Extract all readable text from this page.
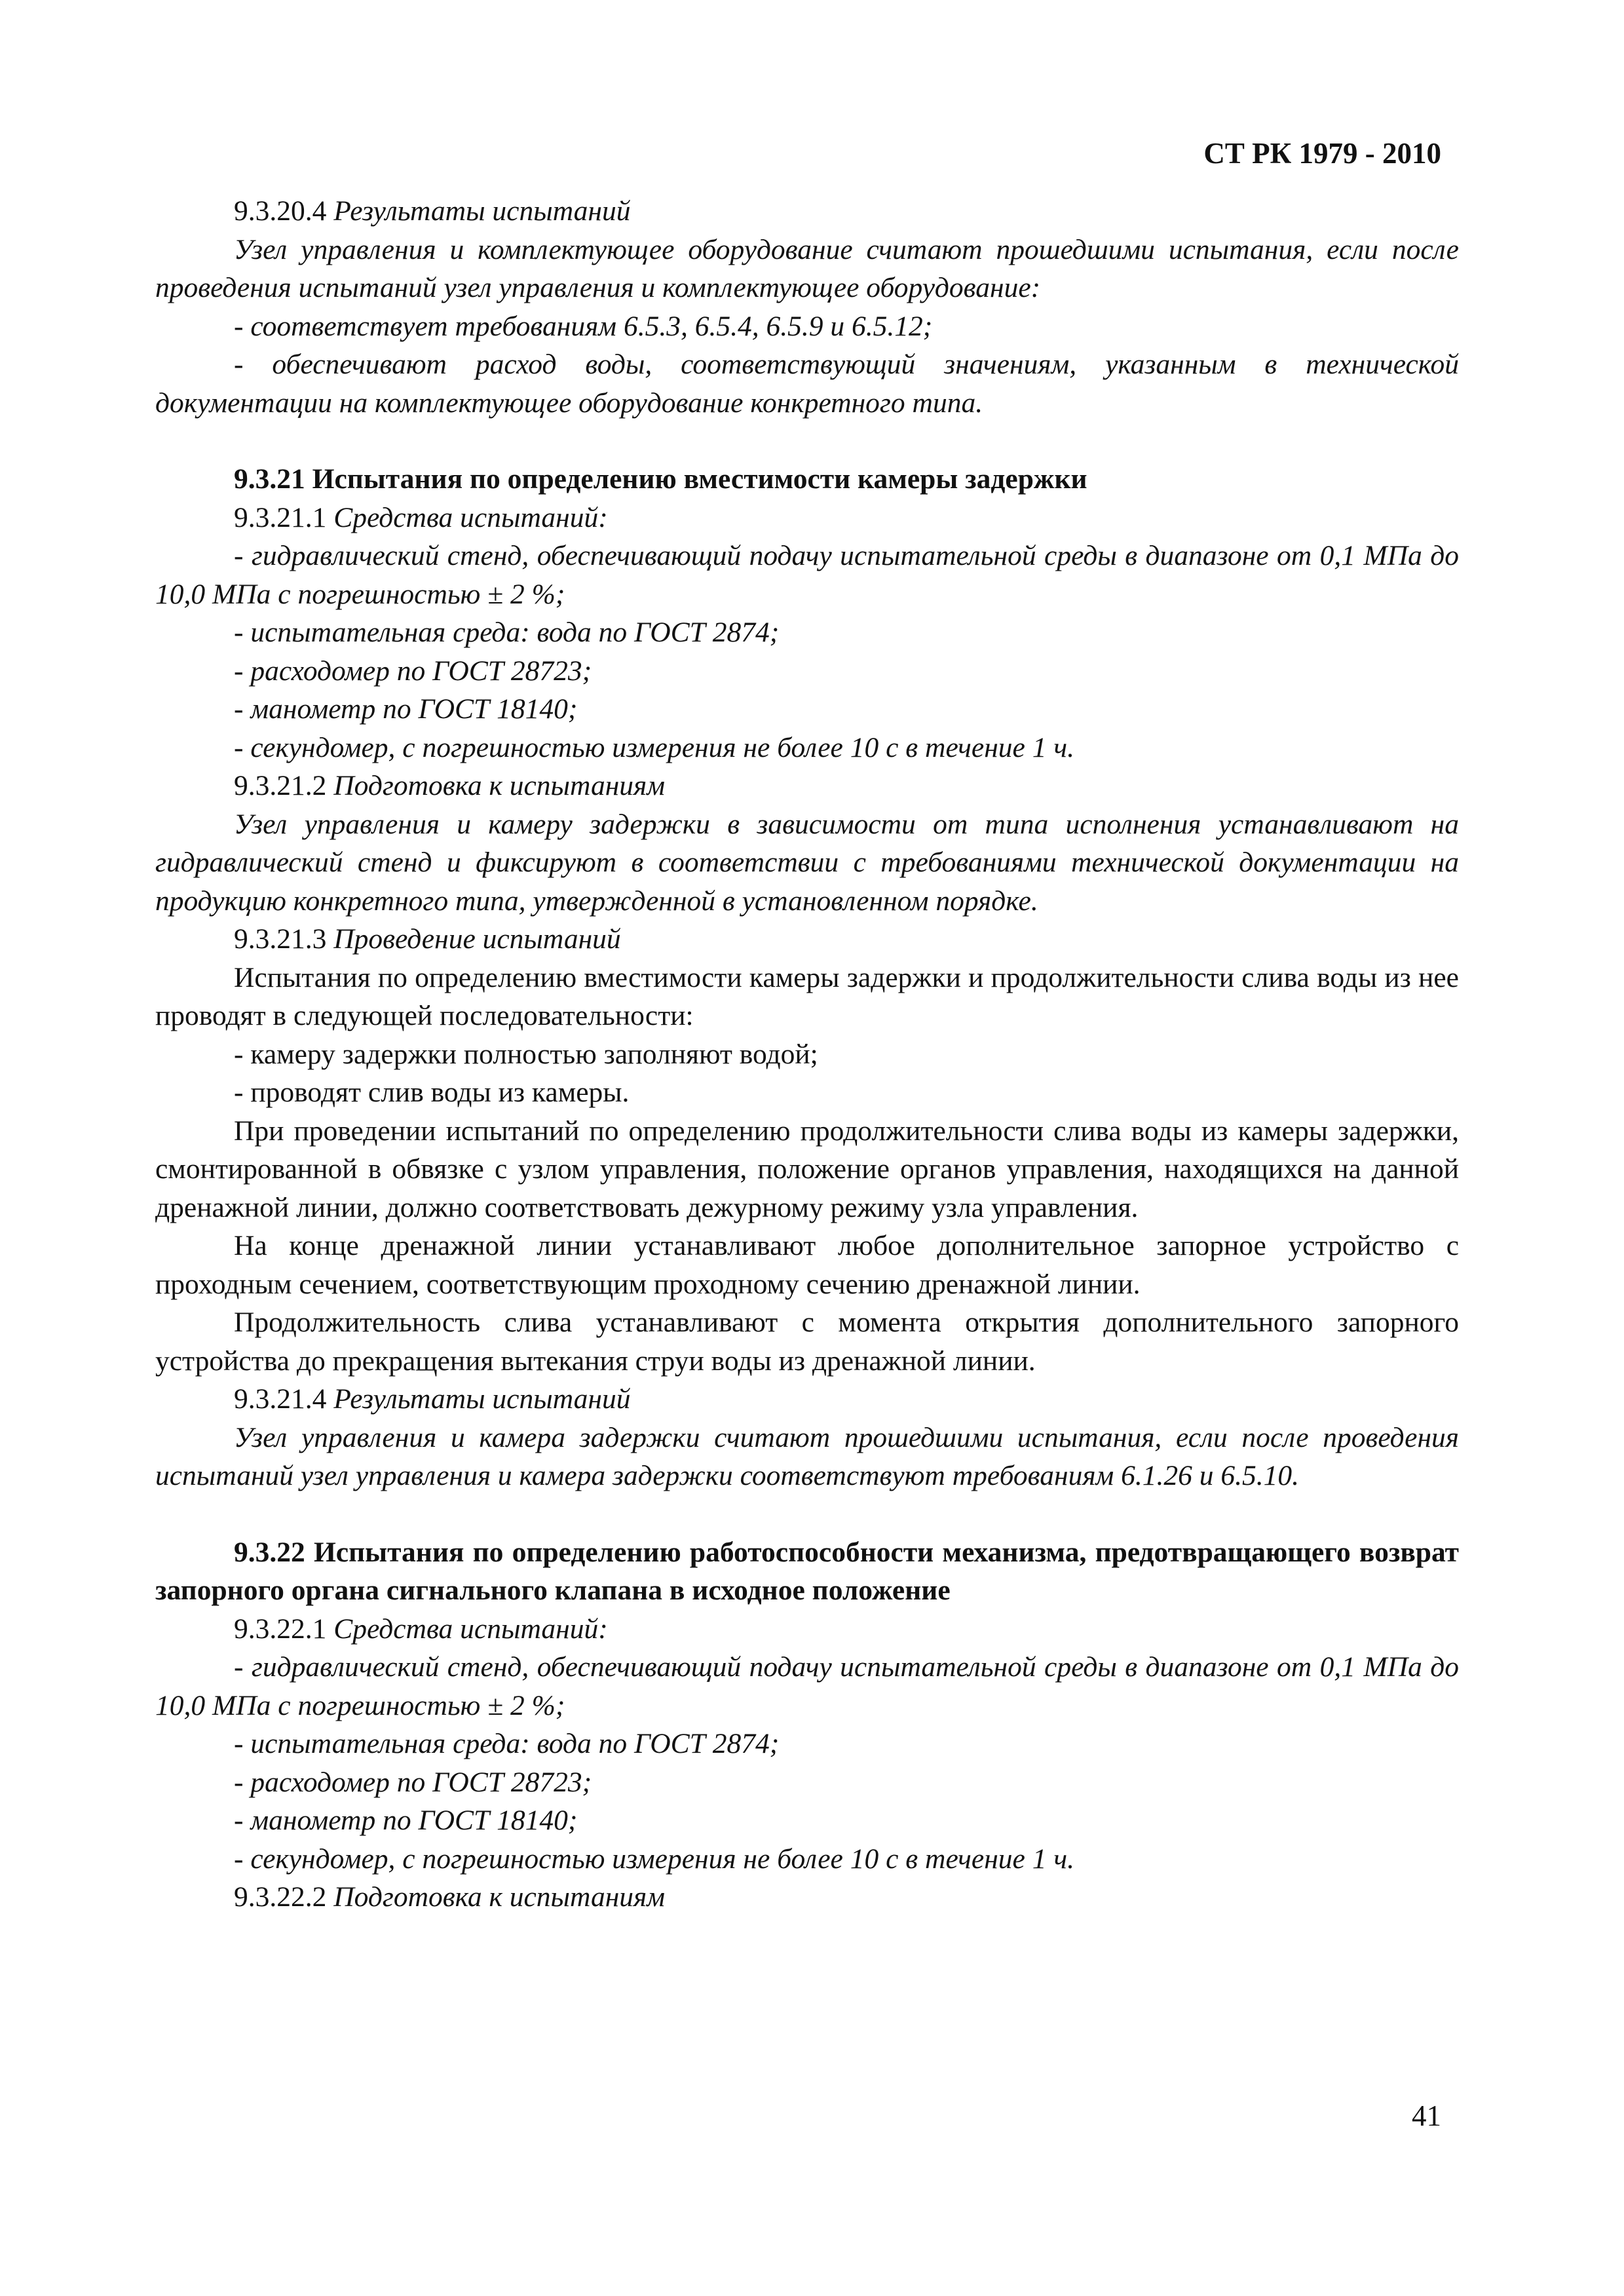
СТ РК 1979 - 2010

9.3.20.4 Результаты испытаний

Узел управления и комплектующее оборудование считают прошедшими испытания, если после проведения испытаний узел управления и комплектующее оборудование:

- соответствует требованиям 6.5.3, 6.5.4, 6.5.9 и 6.5.12;

- обеспечивают расход воды, соответствующий значениям, указанным в технической документации на комплектующее оборудование конкретного типа.

9.3.21 Испытания по определению вместимости камеры задержки

9.3.21.1 Средства испытаний:

- гидравлический стенд, обеспечивающий подачу испытательной среды в диапазоне от 0,1 МПа до 10,0 МПа с погрешностью ± 2 %;

- испытательная среда: вода по ГОСТ 2874;

- расходомер по ГОСТ 28723;

- манометр по ГОСТ 18140;

- секундомер, с погрешностью измерения не более 10 с в течение 1 ч.

9.3.21.2 Подготовка к испытаниям

Узел управления и камеру задержки в зависимости от типа исполнения устанавливают на гидравлический стенд и фиксируют в соответствии с требованиями технической документации на продукцию конкретного типа, утвержденной в установленном порядке.

9.3.21.3 Проведение испытаний

Испытания по определению вместимости камеры задержки и продолжительности слива воды из нее проводят в следующей последовательности:

- камеру задержки полностью заполняют водой;

- проводят слив воды из камеры.

При проведении испытаний по определению продолжительности слива воды из камеры задержки, смонтированной в обвязке с узлом управления, положение органов управления, находящихся на данной дренажной линии, должно соответствовать дежурному режиму узла управления.

На конце дренажной линии устанавливают любое дополнительное запорное устройство с проходным сечением, соответствующим проходному сечению дренажной линии.

Продолжительность слива устанавливают с момента открытия дополнительного запорного устройства до прекращения вытекания струи воды из дренажной линии.

9.3.21.4 Результаты испытаний

Узел управления и камера задержки считают прошедшими испытания, если после проведения испытаний узел управления и камера задержки соответствуют требованиям 6.1.26 и 6.5.10.

9.3.22 Испытания по определению работоспособности механизма, предотвращающего возврат запорного органа сигнального клапана в исходное положение

9.3.22.1 Средства испытаний:

- гидравлический стенд, обеспечивающий подачу испытательной среды в диапазоне от 0,1 МПа до 10,0 МПа с погрешностью ± 2 %;

- испытательная среда: вода по ГОСТ 2874;

- расходомер по ГОСТ 28723;

- манометр по ГОСТ 18140;

- секундомер, с погрешностью измерения не более 10 с в течение 1 ч.

9.3.22.2 Подготовка к испытаниям

41
